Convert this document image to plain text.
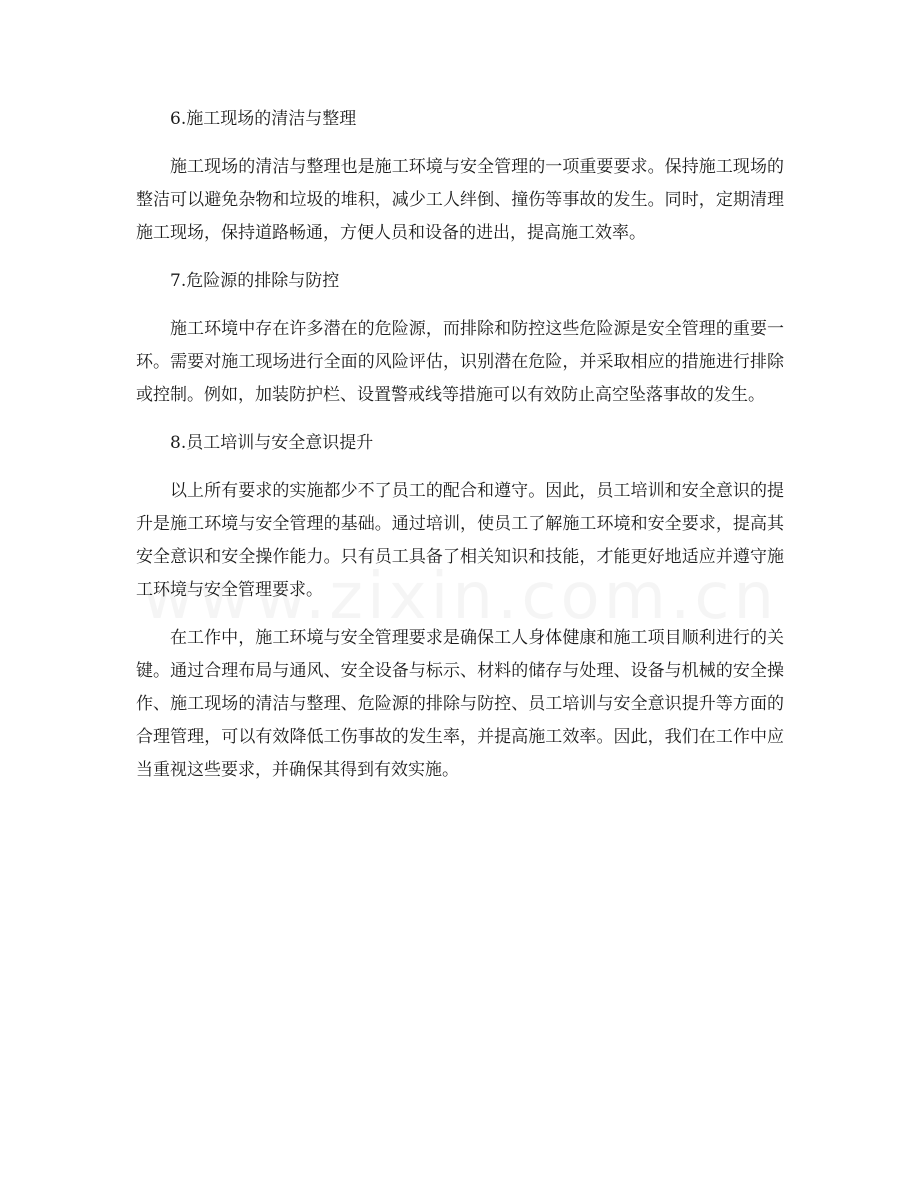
6.施工现场的清洁与整理

施工现场的清洁与整理也是施工环境与安全管理的一项重要要求。保持施工现场的整洁可以避免杂物和垃圾的堆积，减少工人绊倒、撞伤等事故的发生。同时，定期清理施工现场，保持道路畅通，方便人员和设备的进出，提高施工效率。

7.危险源的排除与防控

施工环境中存在许多潜在的危险源，而排除和防控这些危险源是安全管理的重要一环。需要对施工现场进行全面的风险评估，识别潜在危险，并采取相应的措施进行排除或控制。例如，加装防护栏、设置警戒线等措施可以有效防止高空坠落事故的发生。

8.员工培训与安全意识提升

以上所有要求的实施都少不了员工的配合和遵守。因此，员工培训和安全意识的提升是施工环境与安全管理的基础。通过培训，使员工了解施工环境和安全要求，提高其安全意识和安全操作能力。只有员工具备了相关知识和技能，才能更好地适应并遵守施工环境与安全管理要求。

在工作中，施工环境与安全管理要求是确保工人身体健康和施工项目顺利进行的关键。通过合理布局与通风、安全设备与标示、材料的储存与处理、设备与机械的安全操作、施工现场的清洁与整理、危险源的排除与防控、员工培训与安全意识提升等方面的合理管理，可以有效降低工伤事故的发生率，并提高施工效率。因此，我们在工作中应当重视这些要求，并确保其得到有效实施。
